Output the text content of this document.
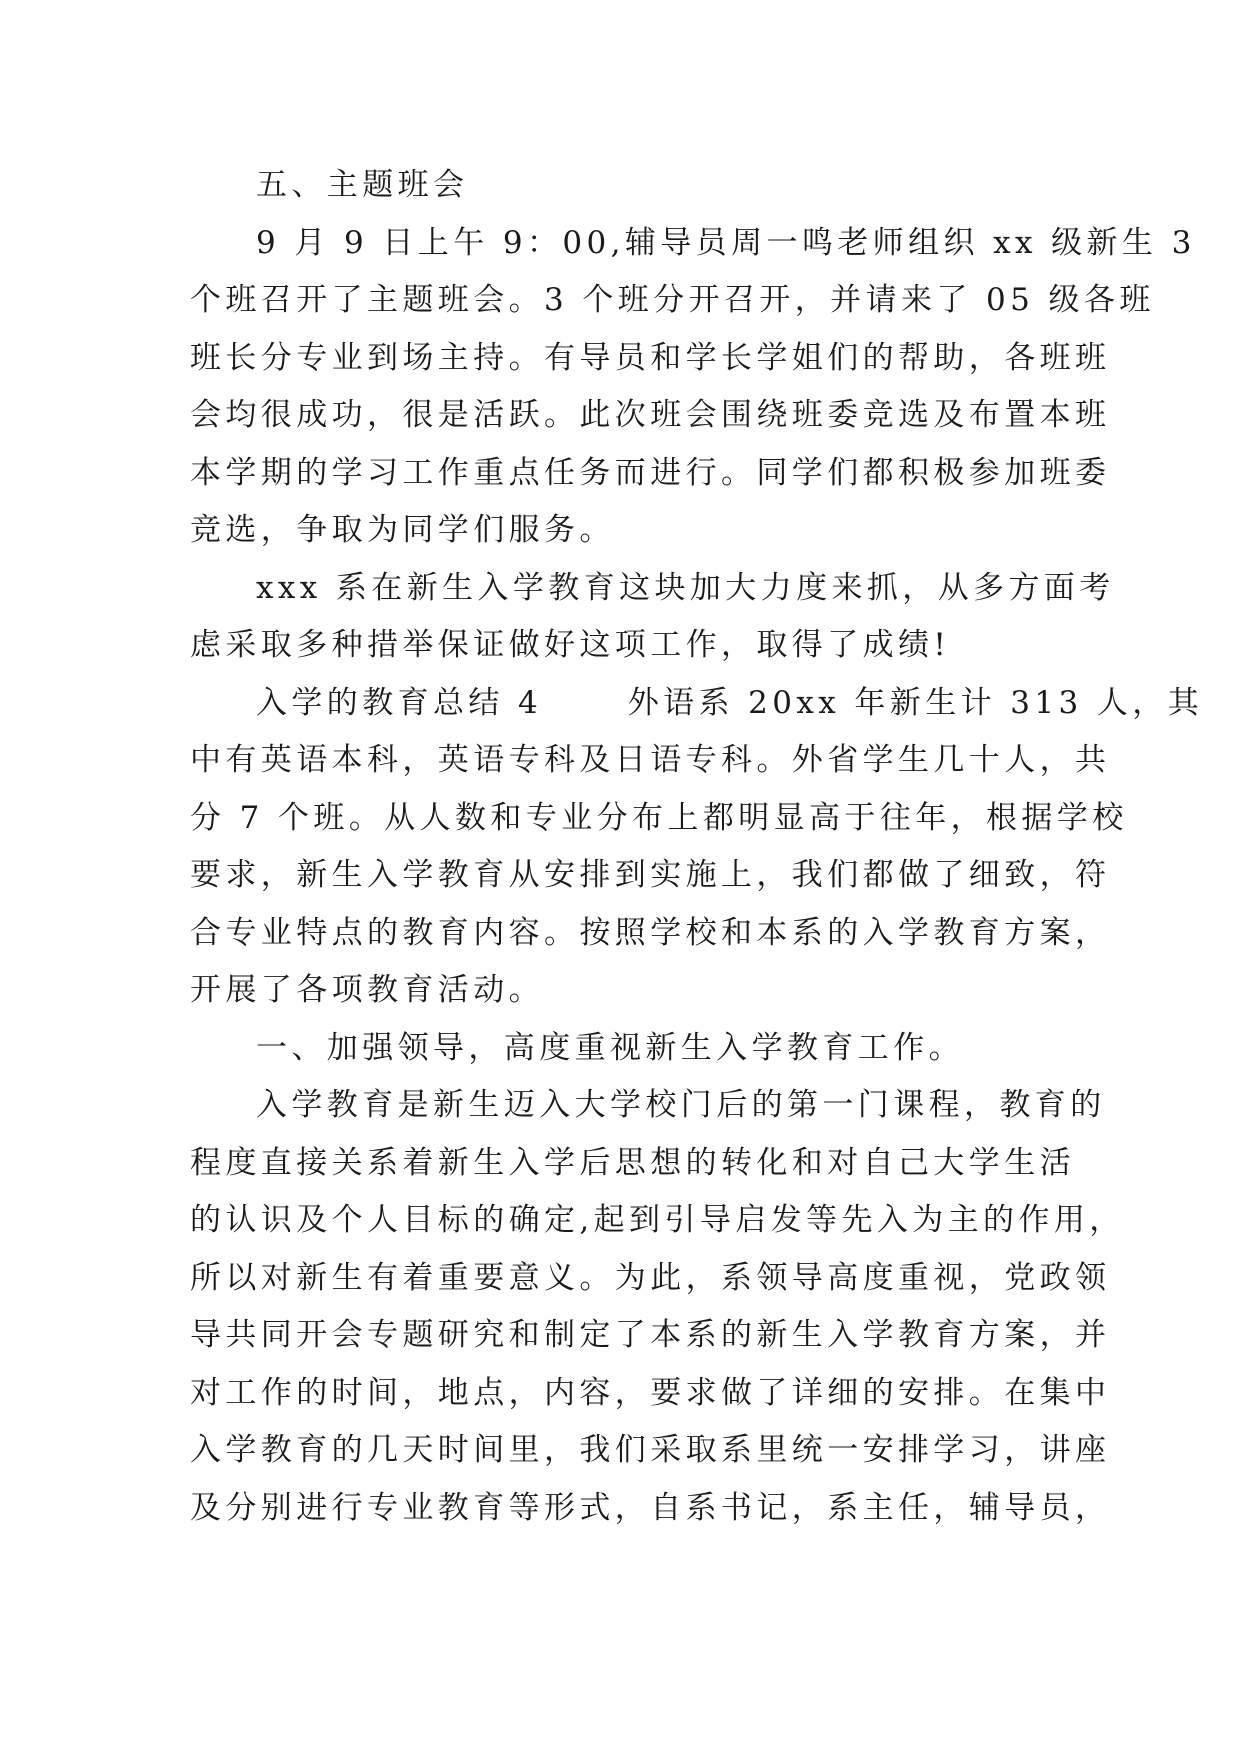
五、主题班会
9 月 9 日上午 9：00,辅导员周一鸣老师组织 xx 级新生 3
个班召开了主题班会。3 个班分开召开，并请来了 05 级各班
班长分专业到场主持。有导员和学长学姐们的帮助，各班班
会均很成功，很是活跃。此次班会围绕班委竞选及布置本班
本学期的学习工作重点任务而进行。同学们都积极参加班委
竞选，争取为同学们服务。
xxx 系在新生入学教育这块加大力度来抓，从多方面考
虑采取多种措举保证做好这项工作，取得了成绩!
入学的教育总结 4      外语系 20xx 年新生计 313 人，其
中有英语本科，英语专科及日语专科。外省学生几十人，共
分 7 个班。从人数和专业分布上都明显高于往年，根据学校
要求，新生入学教育从安排到实施上，我们都做了细致，符
合专业特点的教育内容。按照学校和本系的入学教育方案，
开展了各项教育活动。
一、加强领导，高度重视新生入学教育工作。
入学教育是新生迈入大学校门后的第一门课程，教育的
程度直接关系着新生入学后思想的转化和对自己大学生活
的认识及个人目标的确定,起到引导启发等先入为主的作用，
所以对新生有着重要意义。为此，系领导高度重视，党政领
导共同开会专题研究和制定了本系的新生入学教育方案，并
对工作的时间，地点，内容，要求做了详细的安排。在集中
入学教育的几天时间里，我们采取系里统一安排学习，讲座
及分别进行专业教育等形式，自系书记，系主任，辅导员，
